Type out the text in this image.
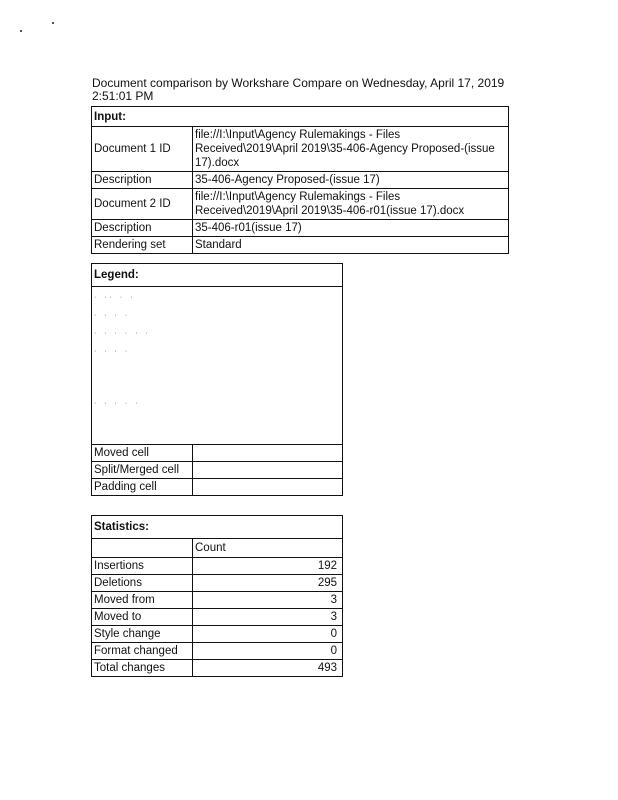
Document comparison by Workshare Compare on Wednesday, April 17, 2019 2:51:01 PM
Input:	
Document 1 ID	file://I:\Input\Agency Rulemakings - Files Received\2019\April 2019\35-406-Agency Proposed-(issue 17).docx
Description	35-406-Agency Proposed-(issue 17)
Document 2 ID	file://I:\Input\Agency Rulemakings - Files Received\2019\April 2019\35-406-r01(issue 17).docx
Description	35-406-r01(issue 17)
Rendering set	Standard
Legend:	

· ·· · ·
· · · ·
· · · · · ·
· · · ·
· · · · ·	

Moved cell	
Split/Merged cell	
Padding cell	
Statistics:	
	Count
Insertions	192
Deletions	295
Moved from	3
Moved to	3
Style change	0
Format changed	0
Total changes	493
